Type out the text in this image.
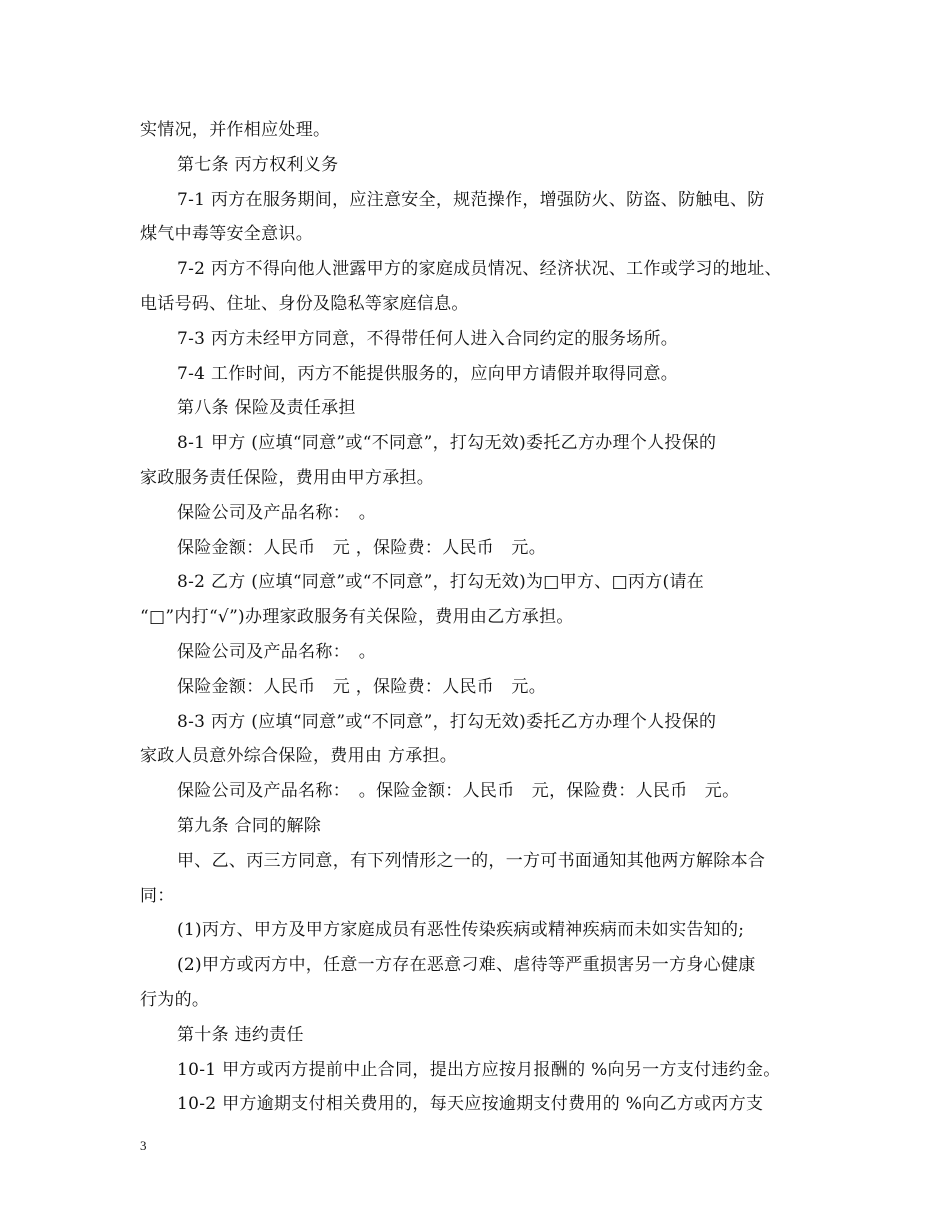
实情况，并作相应处理。
第七条 丙方权利义务
7-1 丙方在服务期间，应注意安全，规范操作，增强防火、防盗、防触电、防
煤气中毒等安全意识。
7-2 丙方不得向他人泄露甲方的家庭成员情况、经济状况、工作或学习的地址、
电话号码、住址、身份及隐私等家庭信息。
7-3 丙方未经甲方同意，不得带任何人进入合同约定的服务场所。
7-4 工作时间，丙方不能提供服务的，应向甲方请假并取得同意。
第八条 保险及责任承担
8-1 甲方 (应填“同意”或“不同意”，打勾无效)委托乙方办理个人投保的
家政服务责任保险，费用由甲方承担。
保险公司及产品名称：　。
保险金额：人民币　元 ，保险费：人民币　元。
8-2 乙方 (应填“同意”或“不同意”，打勾无效)为□甲方、□丙方(请在
“□”内打“√”)办理家政服务有关保险，费用由乙方承担。
保险公司及产品名称：　。
保险金额：人民币　元 ，保险费：人民币　元。
8-3 丙方 (应填“同意”或“不同意”，打勾无效)委托乙方办理个人投保的
家政人员意外综合保险，费用由 方承担。
保险公司及产品名称：　。保险金额：人民币　元，保险费：人民币　元。
第九条 合同的解除
甲、乙、丙三方同意，有下列情形之一的，一方可书面通知其他两方解除本合
同：
(1)丙方、甲方及甲方家庭成员有恶性传染疾病或精神疾病而未如实告知的;
(2)甲方或丙方中，任意一方存在恶意刁难、虐待等严重损害另一方身心健康
行为的。
第十条 违约责任
10-1 甲方或丙方提前中止合同，提出方应按月报酬的 %向另一方支付违约金。
10-2 甲方逾期支付相关费用的，每天应按逾期支付费用的 %向乙方或丙方支
3
